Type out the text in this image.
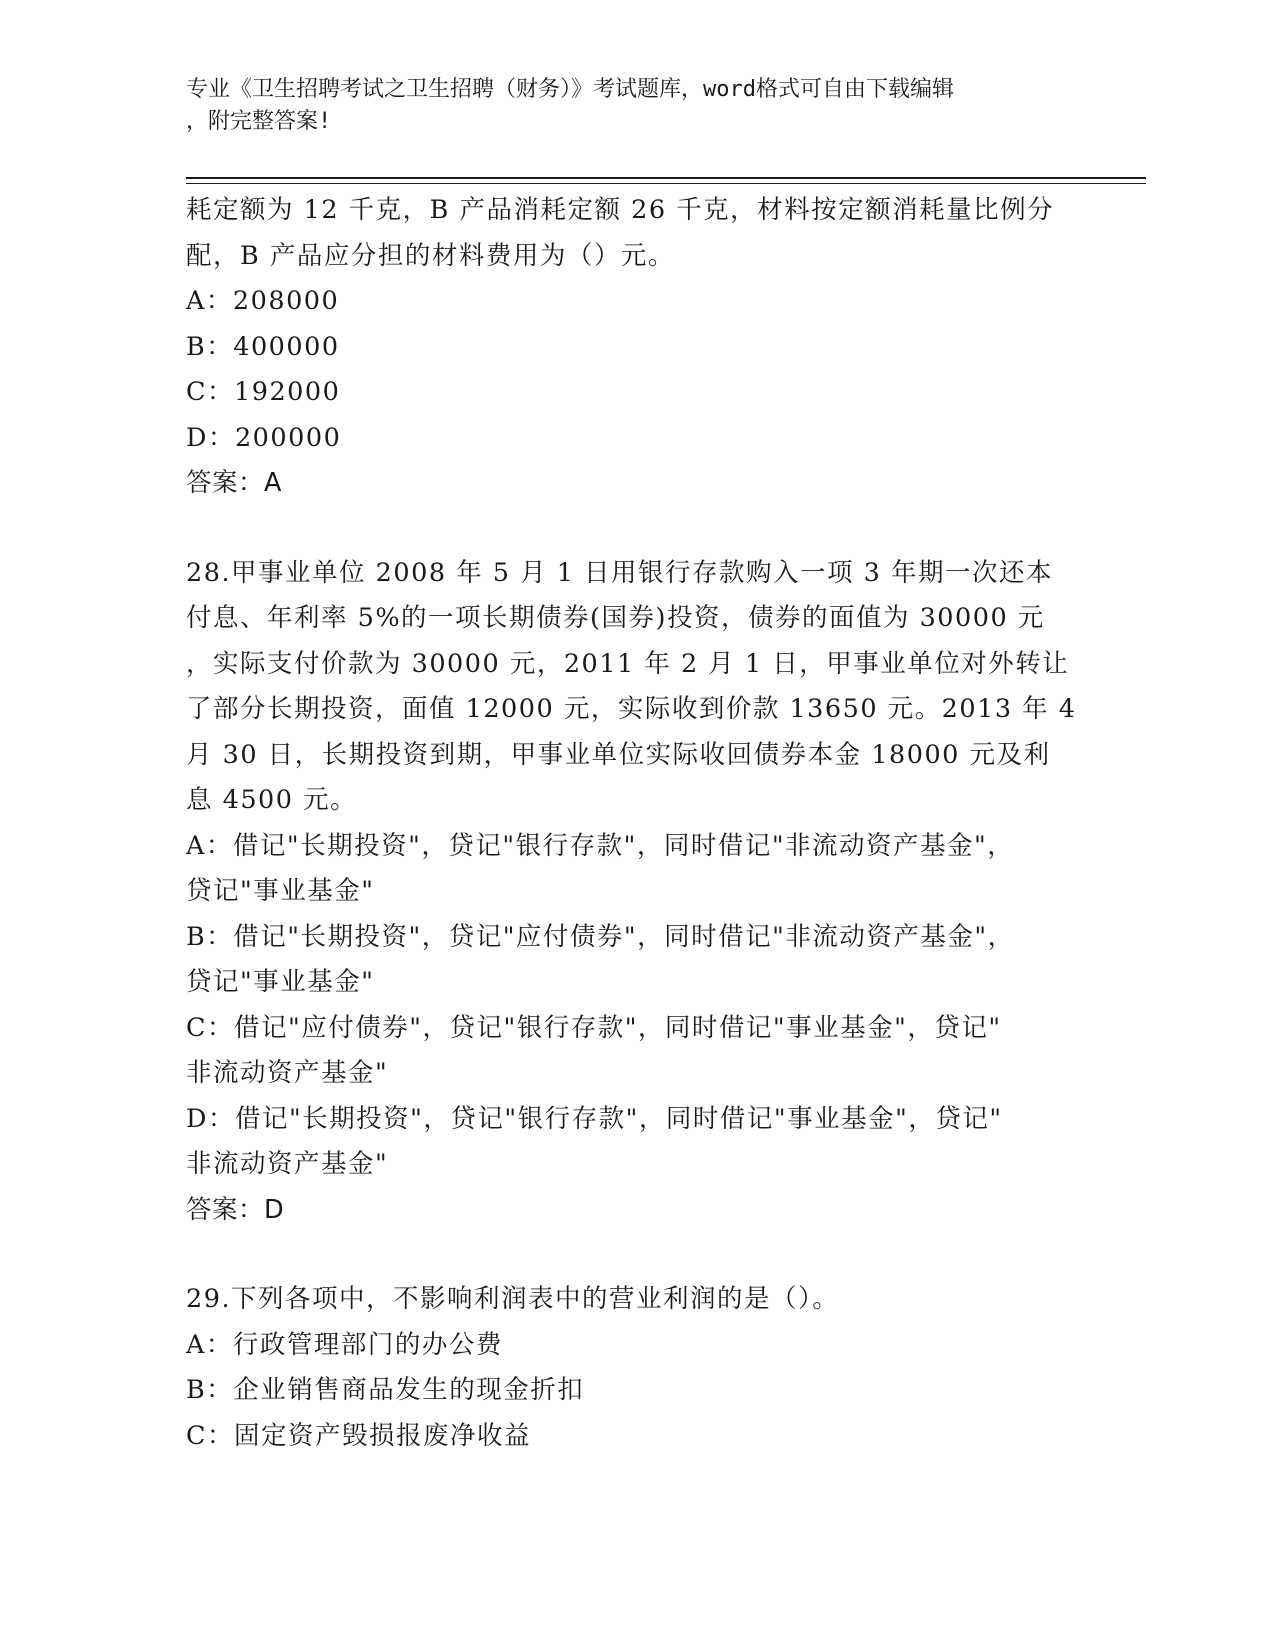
专业《卫生招聘考试之卫生招聘（财务）》考试题库，word格式可自由下载编辑
，附完整答案!
耗定额为 12 千克，B 产品消耗定额 26 千克，材料按定额消耗量比例分
配，B 产品应分担的材料费用为（）元。
A：208000
B：400000
C：192000
D：200000
答案：A
28.甲事业单位 2008 年 5 月 1 日用银行存款购入一项 3 年期一次还本
付息、年利率 5%的一项长期债券(国券)投资，债券的面值为 30000 元
，实际支付价款为 30000 元，2011 年 2 月 1 日，甲事业单位对外转让
了部分长期投资，面值 12000 元，实际收到价款 13650 元。2013 年 4
月 30 日，长期投资到期，甲事业单位实际收回债券本金 18000 元及利
息 4500 元。
A：借记"长期投资"，贷记"银行存款"，同时借记"非流动资产基金"，
贷记"事业基金"
B：借记"长期投资"，贷记"应付债券"，同时借记"非流动资产基金"，
贷记"事业基金"
C：借记"应付债券"，贷记"银行存款"，同时借记"事业基金"，贷记"
非流动资产基金"
D：借记"长期投资"，贷记"银行存款"，同时借记"事业基金"，贷记"
非流动资产基金"
答案：D
29.下列各项中，不影响利润表中的营业利润的是（）。
A：行政管理部门的办公费
B：企业销售商品发生的现金折扣
C：固定资产毁损报废净收益
